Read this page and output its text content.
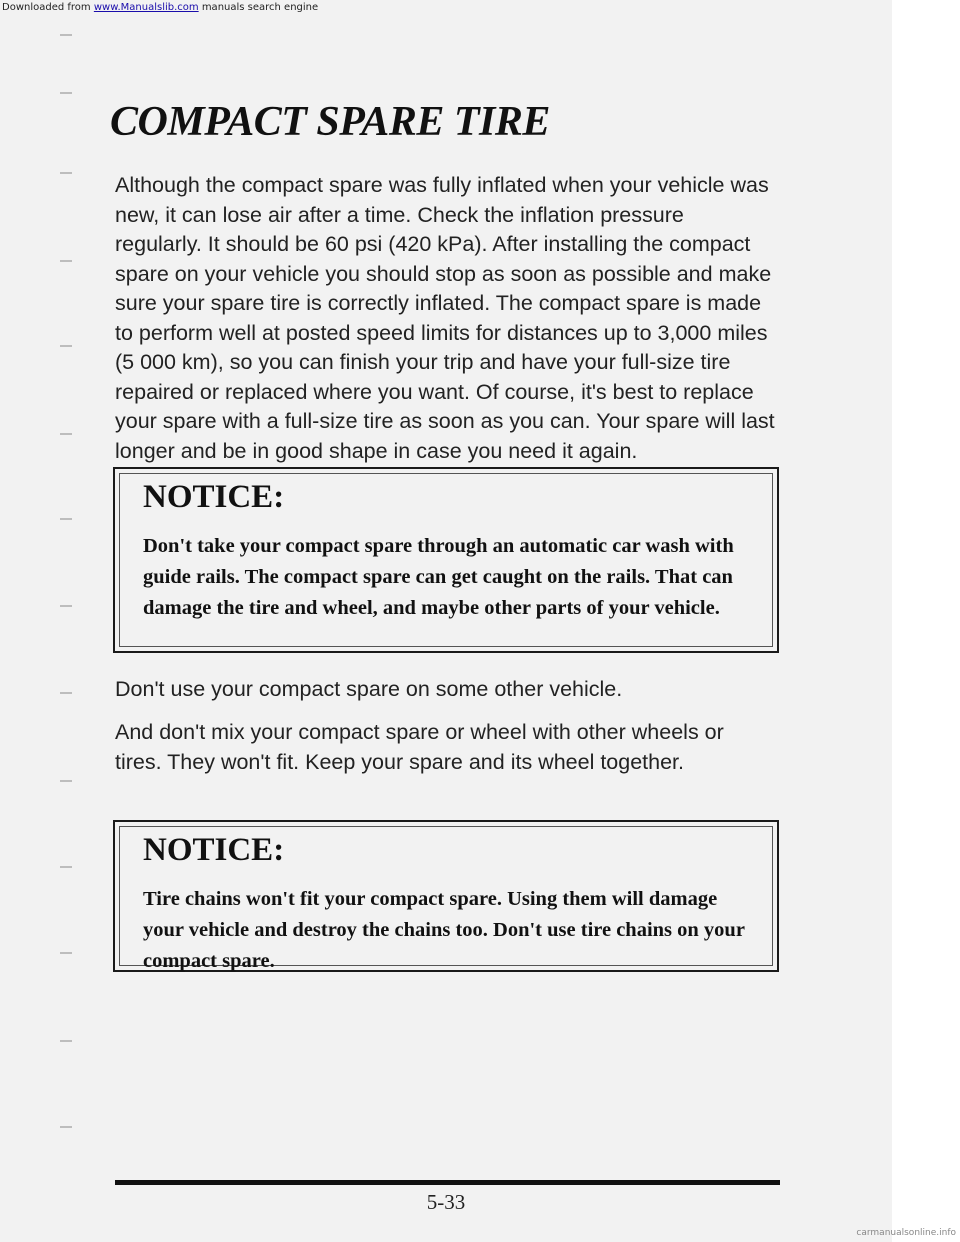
Downloaded from www.Manualslib.com manuals search engine
COMPACT SPARE TIRE

Although the compact spare was fully inflated when your vehicle was new, it can lose air after a time. Check the inflation pressure regularly. It should be 60 psi (420 kPa). After installing the compact spare on your vehicle you should stop as soon as possible and make sure your spare tire is correctly inflated. The compact spare is made to perform well at posted speed limits for distances up to 3,000 miles (5 000 km), so you can finish your trip and have your full-size tire repaired or replaced where you want. Of course, it's best to replace your spare with a full-size tire as soon as you can. Your spare will last longer and be in good shape in case you need it again.

NOTICE:

Don't take your compact spare through an automatic car wash with guide rails. The compact spare can get caught on the rails. That can damage the tire and wheel, and maybe other parts of your vehicle.

Don't use your compact spare on some other vehicle.

And don't mix your compact spare or wheel with other wheels or tires. They won't fit. Keep your spare and its wheel together.

NOTICE:

Tire chains won't fit your compact spare. Using them will damage your vehicle and destroy the chains too. Don't use tire chains on your compact spare.

5-33
carmanualsonline.info
